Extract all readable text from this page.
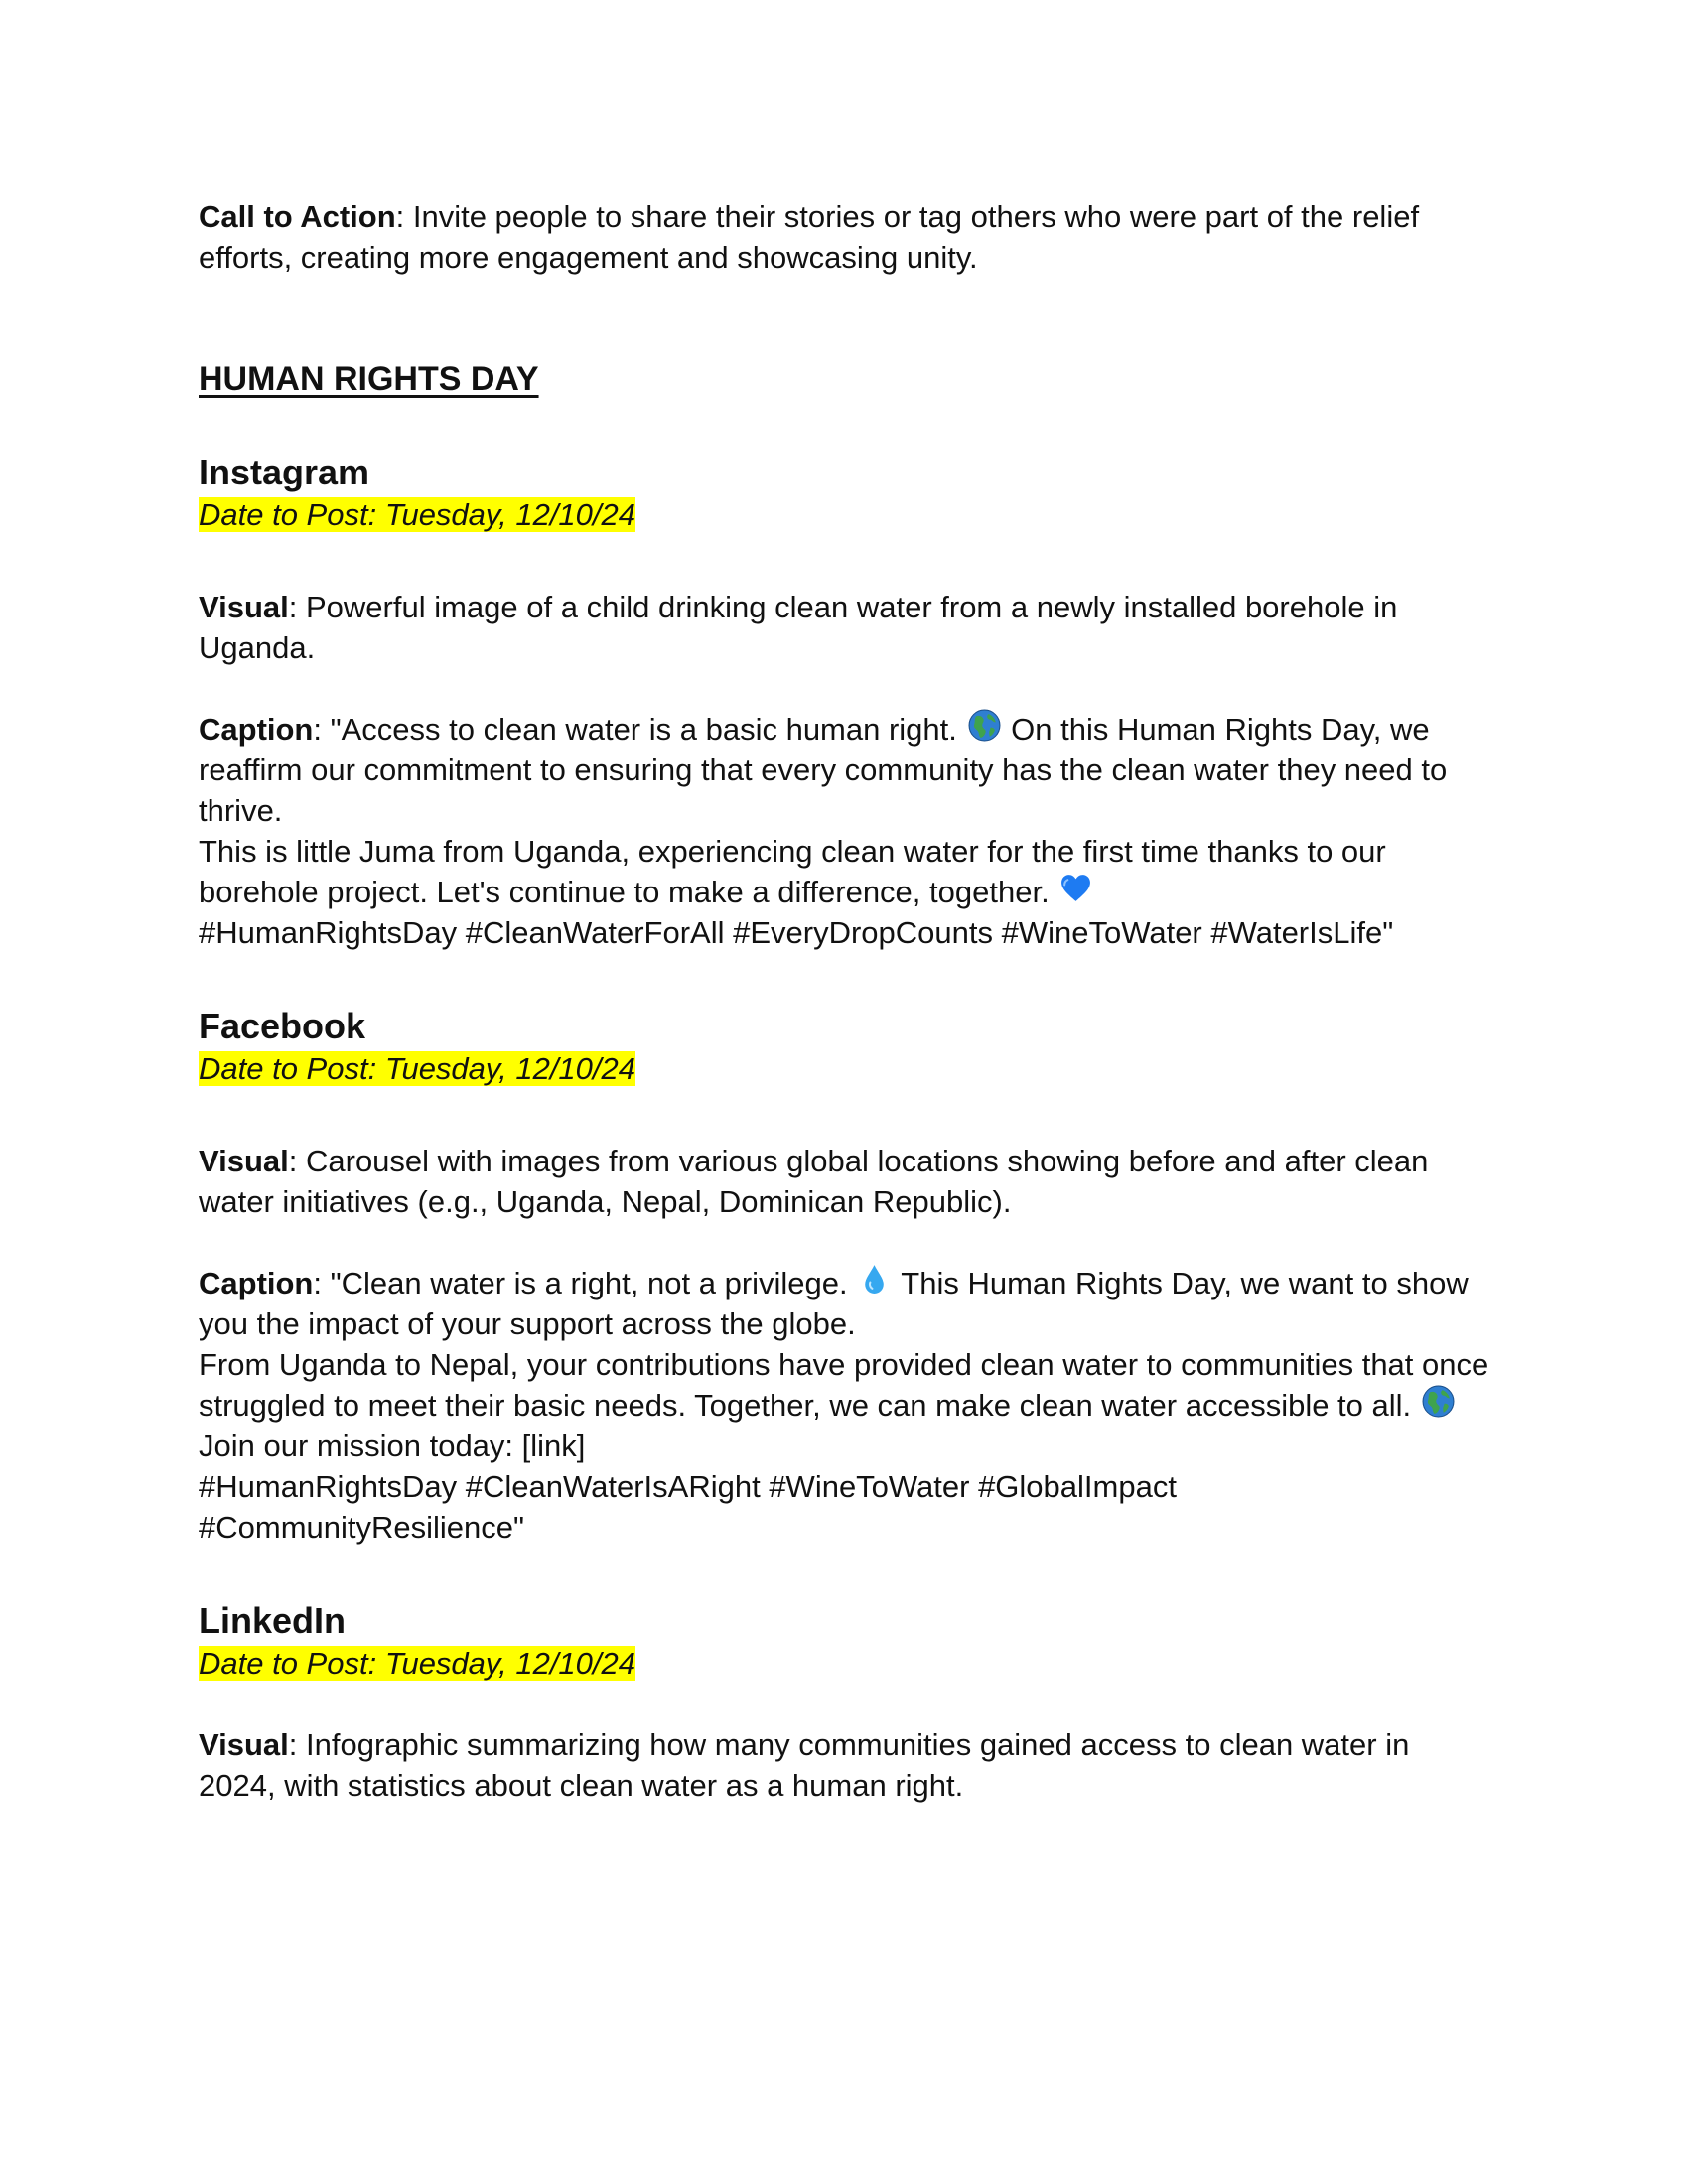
Call to Action: Invite people to share their stories or tag others who were part of the relief efforts, creating more engagement and showcasing unity.

HUMAN RIGHTS DAY

Instagram

Date to Post: Tuesday, 12/10/24

Visual: Powerful image of a child drinking clean water from a newly installed borehole in Uganda.

Caption: "Access to clean water is a basic human right.
On this Human Rights Day, we reaffirm our commitment to ensuring that every community has the clean water they need to thrive.

This is little Juma from Uganda, experiencing clean water for the first time thanks to our borehole project. Let's continue to make a difference, together.

#HumanRightsDay #CleanWaterForAll #EveryDropCounts #WineToWater #WaterIsLife"

Facebook

Date to Post: Tuesday, 12/10/24

Visual: Carousel with images from various global locations showing before and after clean water initiatives (e.g., Uganda, Nepal, Dominican Republic).

Caption: "Clean water is a right, not a privilege.
This Human Rights Day, we want to show you the impact of your support across the globe.

From Uganda to Nepal, your contributions have provided clean water to communities that once struggled to meet their basic needs. Together, we can make clean water accessible to all.

Join our mission today: [link]

#HumanRightsDay #CleanWaterIsARight #WineToWater #GlobalImpact #CommunityResilience"

LinkedIn

Date to Post: Tuesday, 12/10/24

Visual: Infographic summarizing how many communities gained access to clean water in 2024, with statistics about clean water as a human right.
